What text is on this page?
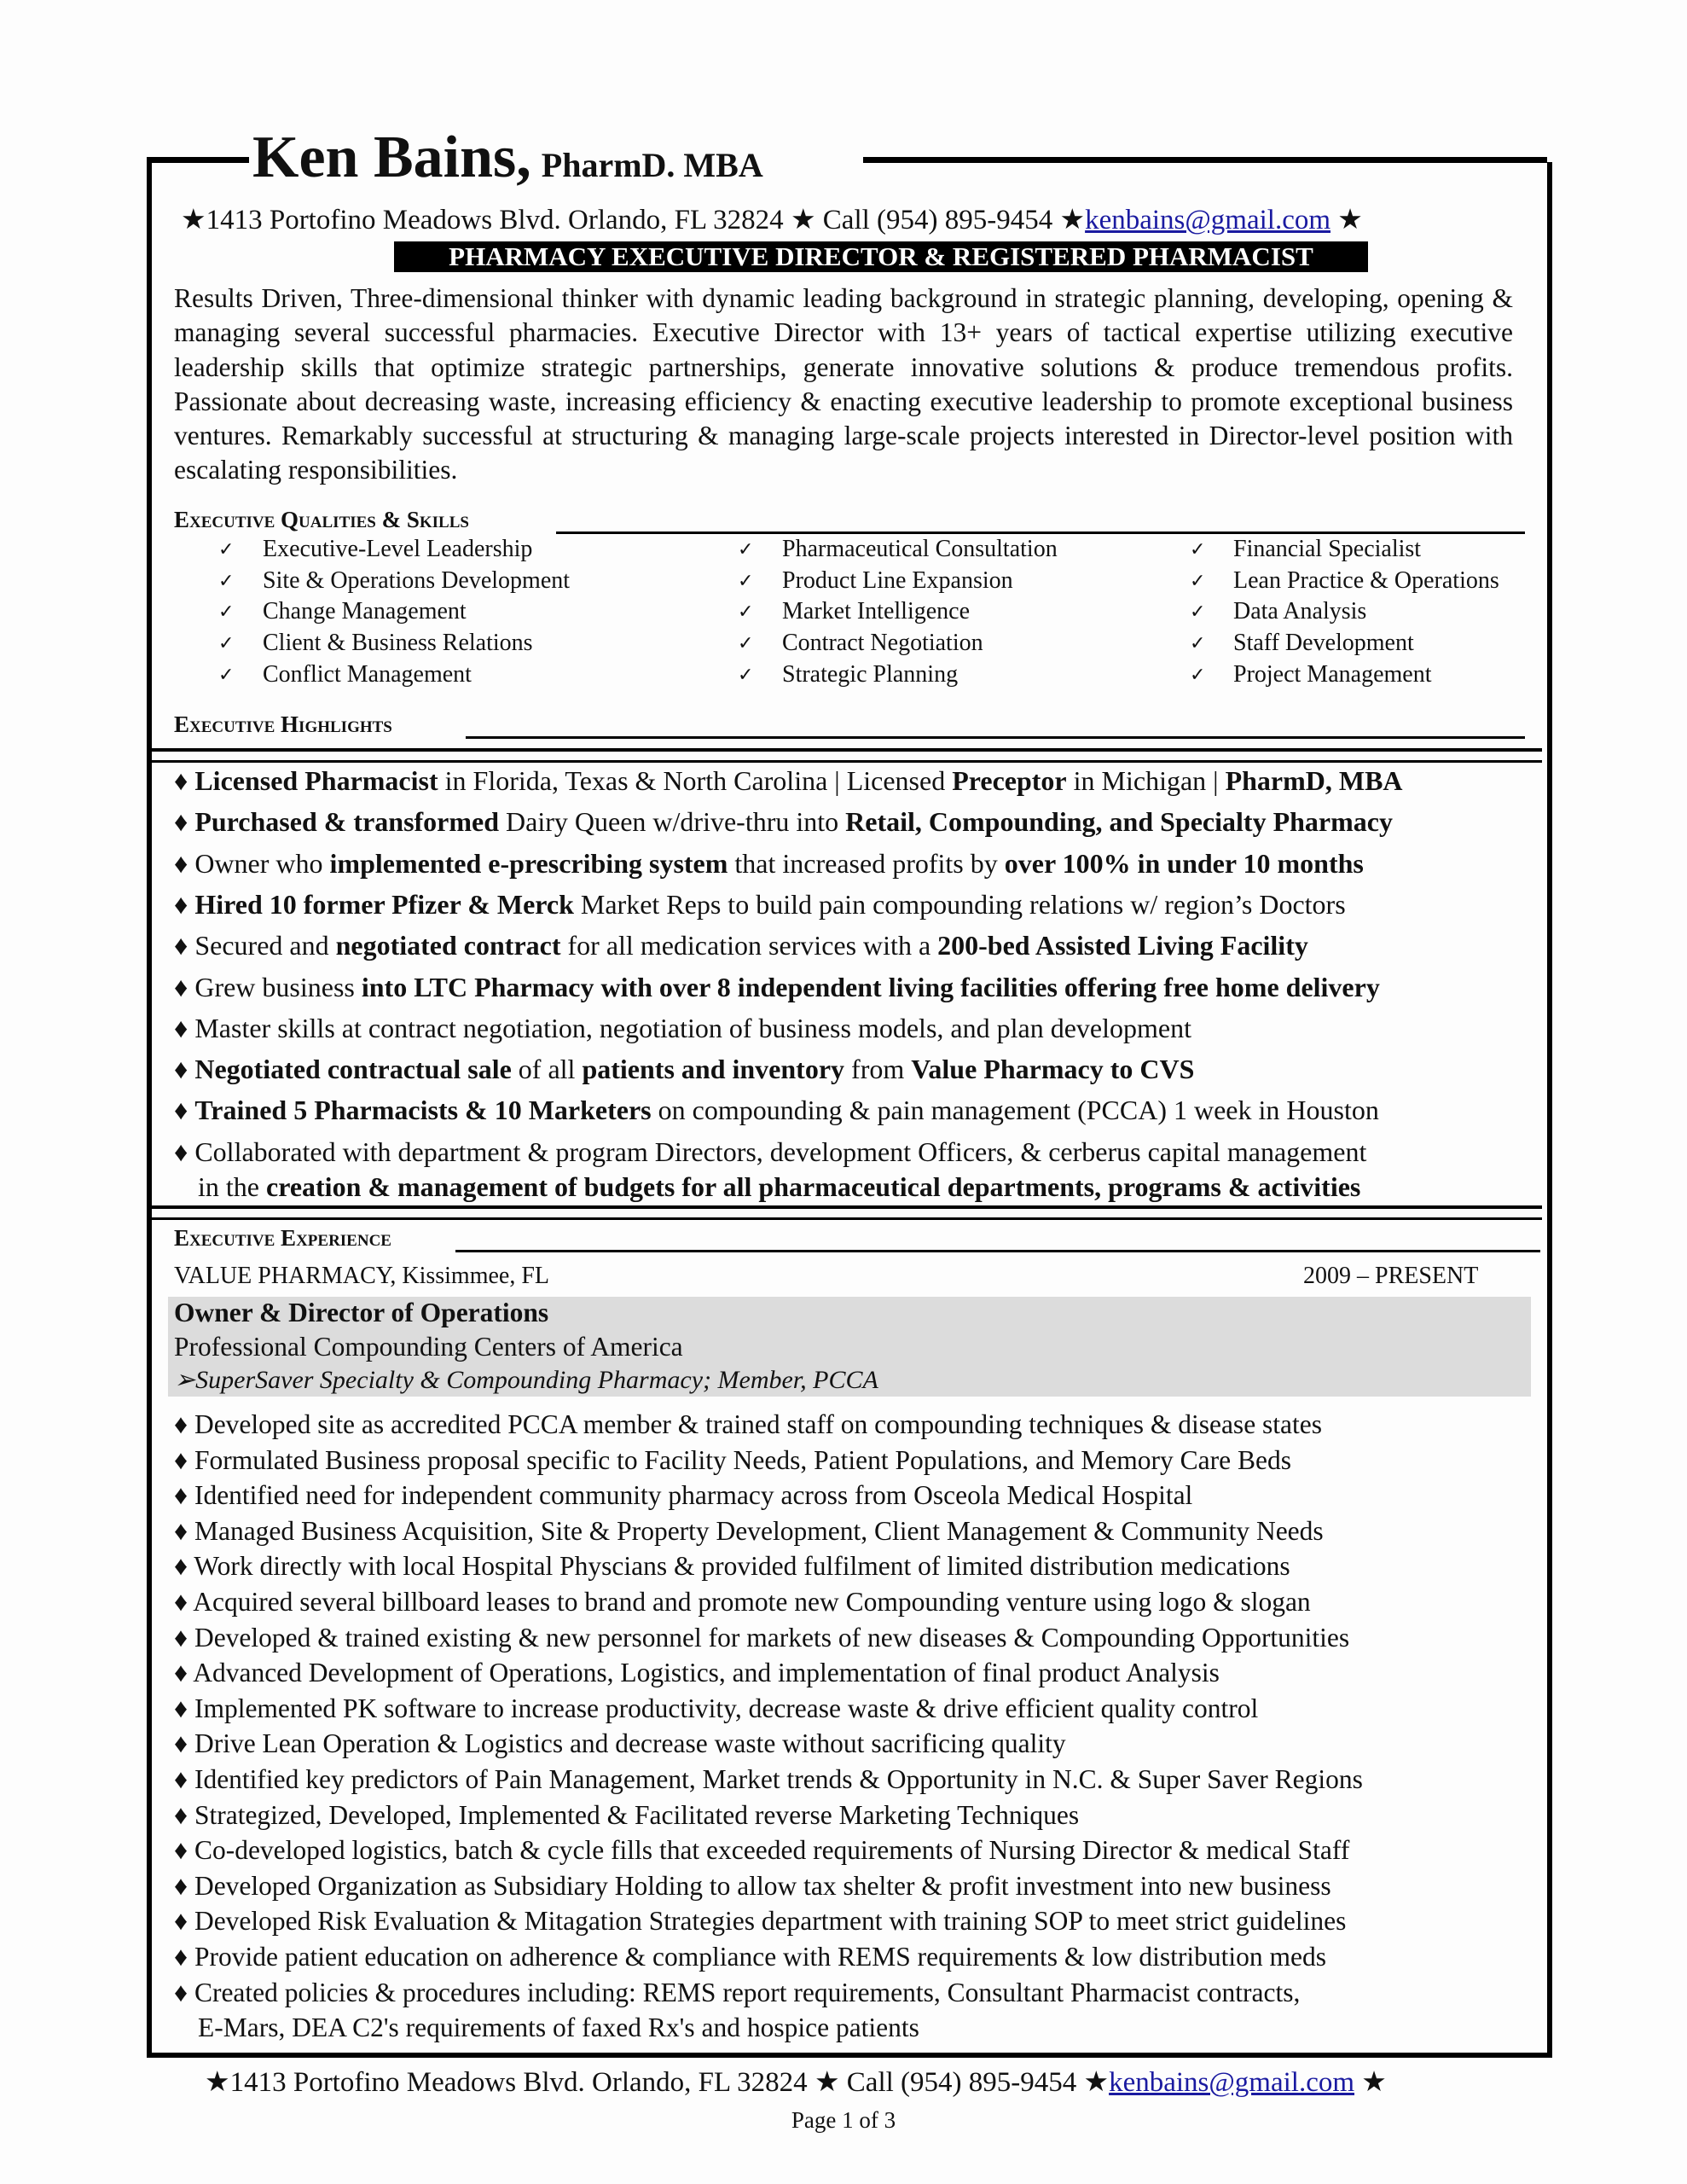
Ken Bains, PharmD. MBA
★1413 Portofino Meadows Blvd. Orlando, FL 32824 ★ Call (954) 895-9454 ★kenbains@gmail.com ★
PHARMACY EXECUTIVE DIRECTOR & REGISTERED PHARMACIST
Results Driven, Three-dimensional thinker with dynamic leading background in strategic planning, developing, opening & managing several successful pharmacies. Executive Director with 13+ years of tactical expertise utilizing executive leadership skills that optimize strategic partnerships, generate innovative solutions & produce tremendous profits. Passionate about decreasing waste, increasing efficiency & enacting executive leadership to promote exceptional business ventures. Remarkably successful at structuring & managing large-scale projects interested in Director-level position with escalating responsibilities.
Executive Qualities & Skills
✓ Executive-Level Leadership
✓ Site & Operations Development
✓ Change Management
✓ Client & Business Relations
✓ Conflict Management
✓ Pharmaceutical Consultation
✓ Product Line Expansion
✓ Market Intelligence
✓ Contract Negotiation
✓ Strategic Planning
✓ Financial Specialist
✓ Lean Practice & Operations
✓ Data Analysis
✓ Staff Development
✓ Project Management
Executive Highlights
♦ Licensed Pharmacist in Florida, Texas & North Carolina | Licensed Preceptor in Michigan | PharmD, MBA
♦ Purchased & transformed Dairy Queen w/drive-thru into Retail, Compounding, and Specialty Pharmacy
♦ Owner who implemented e-prescribing system that increased profits by over 100% in under 10 months
♦ Hired 10 former Pfizer & Merck Market Reps to build pain compounding relations w/ region’s Doctors
♦ Secured and negotiated contract for all medication services with a 200-bed Assisted Living Facility
♦ Grew business into LTC Pharmacy with over 8 independent living facilities offering free home delivery
♦ Master skills at contract negotiation, negotiation of business models, and plan development
♦ Negotiated contractual sale of all patients and inventory from Value Pharmacy to CVS
♦ Trained 5 Pharmacists & 10 Marketers on compounding & pain management (PCCA) 1 week in Houston
♦ Collaborated with department & program Directors, development Officers, & cerberus capital management
in the creation & management of budgets for all pharmaceutical departments, programs & activities
Executive Experience
VALUE PHARMACY, Kissimmee, FL	2009 – PRESENT
Owner & Director of Operations
Professional Compounding Centers of America
➢SuperSaver Specialty & Compounding Pharmacy; Member, PCCA
♦ Developed site as accredited PCCA member & trained staff on compounding techniques & disease states
♦ Formulated Business proposal specific to Facility Needs, Patient Populations, and Memory Care Beds
♦ Identified need for independent community pharmacy across from Osceola Medical Hospital
♦ Managed Business Acquisition, Site & Property Development, Client Management & Community Needs
♦ Work directly with local Hospital Physcians & provided fulfilment of limited distribution medications
♦ Acquired several billboard leases to brand and promote new Compounding venture using logo & slogan
♦ Developed & trained existing & new personnel for markets of new diseases & Compounding Opportunities
♦ Advanced Development of Operations, Logistics, and implementation of final product Analysis
♦ Implemented PK software to increase productivity, decrease waste & drive efficient quality control
♦ Drive Lean Operation & Logistics and decrease waste without sacrificing quality
♦ Identified key predictors of Pain Management, Market trends & Opportunity in N.C. & Super Saver Regions
♦ Strategized, Developed, Implemented & Facilitated reverse Marketing Techniques
♦ Co-developed logistics, batch & cycle fills that exceeded requirements of Nursing Director & medical Staff
♦ Developed Organization as Subsidiary Holding to allow tax shelter & profit investment into new business
♦ Developed Risk Evaluation & Mitagation Strategies department with training SOP to meet strict guidelines
♦ Provide patient education on adherence & compliance with REMS requirements & low distribution meds
♦ Created policies & procedures including: REMS report requirements, Consultant Pharmacist contracts,
E-Mars, DEA C2's requirements of faxed Rx's and hospice patients
★1413 Portofino Meadows Blvd. Orlando, FL 32824 ★ Call (954) 895-9454 ★kenbains@gmail.com ★
Page 1 of 3
